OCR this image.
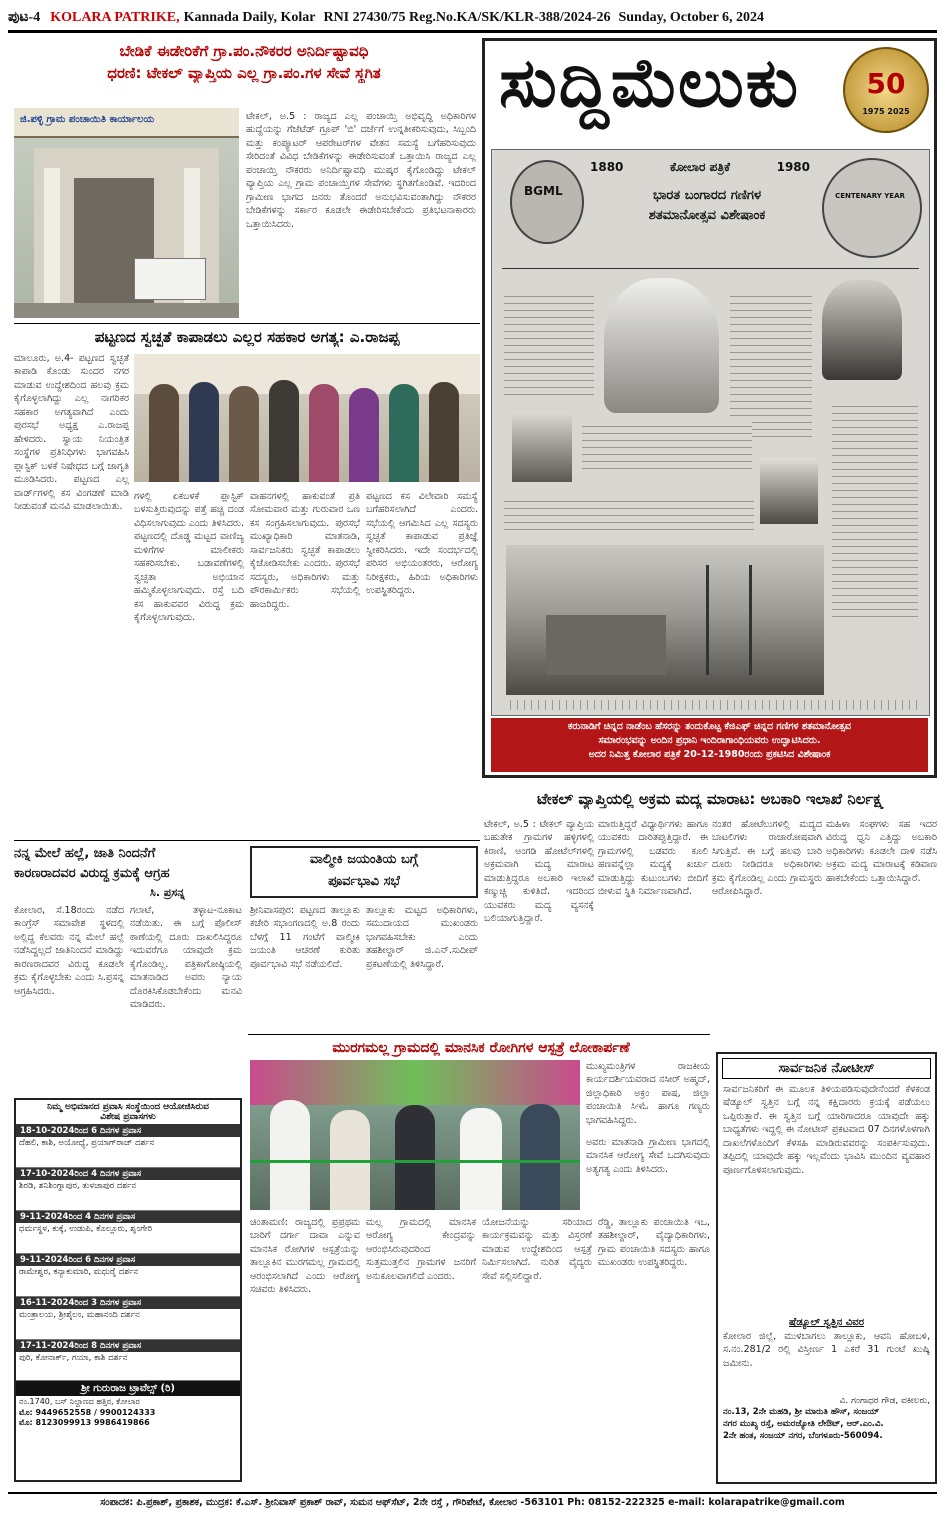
ಪುಟ-4 KOLARA PATRIKE, Kannada Daily, Kolar RNI 27430/75 Reg.No.KA/SK/KLR-388/2024-26 Sunday, October 6, 2024
ಬೇಡಿಕೆ ಈಡೇರಿಕೆಗೆ ಗ್ರಾ.ಪಂ.ನೌಕರರ ಅನಿರ್ದಿಷ್ಟಾವಧಿ
ಧರಣಿ: ಟೇಕಲ್ ವ್ಯಾಪ್ತಿಯ ಎಲ್ಲ ಗ್ರಾ.ಪಂ.ಗಳ ಸೇವೆ ಸ್ಥಗಿತ
ಜಿ.ಪಳ್ಳಿ ಗ್ರಾಮ ಪಂಚಾಯಿತಿ ಕಾರ್ಯಾಲಯ	ಟೇಕಲ್, ಅ.5 : ರಾಜ್ಯದ ಎಲ್ಲ ಪಂಚಾಯ್ತಿ ಅಭಿವೃದ್ಧಿ ಅಧಿಕಾರಿಗಳ ಹುದ್ದೆಯನ್ನು ಗೆಜೆಟೆಡ್ ಗ್ರೂಪ್ 'ಬಿ' ದರ್ಜೆಗೆ ಉನ್ನತೀಕರಿಸುವುದು, ಸಿಬ್ಬಂದಿ ಮತ್ತು ಕಂಪ್ಯೂಟರ್ ಆಪರೇಟರ್‌ಗಳ ವೇತನ ಸಮಸ್ಯೆ ಬಗೆಹರಿಸುವುದು ಸೇರಿದಂತೆ ವಿವಿಧ ಬೇಡಿಕೆಗಳನ್ನು ಈಡೇರಿಸುವಂತೆ ಒತ್ತಾಯಿಸಿ ರಾಜ್ಯದ ಎಲ್ಲ ಪಂಚಾಯ್ತಿ ನೌಕರರು ಅನಿರ್ದಿಷ್ಟಾವಧಿ ಮುಷ್ಕರ ಕೈಗೊಂಡಿದ್ದು ಟೇಕಲ್ ವ್ಯಾಪ್ತಿಯ ಎಲ್ಲ ಗ್ರಾಮ ಪಂಚಾಯ್ತಿಗಳ ಸೇವೆಗಳು ಸ್ಥಗಿತಗೊಂಡಿವೆ. ಇದರಿಂದ ಗ್ರಾಮೀಣ ಭಾಗದ ಜನರು ತೊಂದರೆ ಅನುಭವಿಸುವಂತಾಗಿದ್ದು ನೌಕರರ ಬೇಡಿಕೆಗಳನ್ನು ಸರ್ಕಾರ ಕೂಡಲೇ ಈಡೇರಿಸಬೇಕೆಂದು ಪ್ರತಿಭಟನಾಕಾರರು ಒತ್ತಾಯಿಸಿದರು.
ಪಟ್ಟಣದ ಸ್ವಚ್ಛತೆ ಕಾಪಾಡಲು ಎಲ್ಲರ ಸಹಕಾರ ಅಗತ್ಯ: ಎ.ರಾಜಪ್ಪ
ಮಾಲೂರು, ಅ.4- ಪಟ್ಟಣದ ಸ್ವಚ್ಛತೆ ಕಾಪಾಡಿ ಕೊಂಡು ಸುಂದರ ನಗರ ಮಾಡುವ ಉದ್ದೇಶದಿಂದ ಹಲವು ಕ್ರಮ ಕೈಗೊಳ್ಳಲಾಗಿದ್ದು ಎಲ್ಲ ನಾಗರಿಕರ ಸಹಕಾರ ಅಗತ್ಯವಾಗಿದೆ ಎಂದು ಪುರಸಭೆ ಅಧ್ಯಕ್ಷ ಎ.ರಾಜಪ್ಪ ಹೇಳಿದರು. ಸ್ವಾಯ ನಿಯಂತ್ರಿತ ಸಂಸ್ಥೆಗಳ ಪ್ರತಿನಿಧಿಗಳು ಭಾಗವಹಿಸಿ ಪ್ಲಾಸ್ಟಿಕ್ ಬಳಕೆ ನಿಷೇಧದ ಬಗ್ಗೆ ಜಾಗೃತಿ ಮೂಡಿಸಿದರು. ಪಟ್ಟಣದ ಎಲ್ಲ ವಾರ್ಡ್‌ಗಳಲ್ಲಿ ಕಸ ವಿಂಗಡಣೆ ಮಾಡಿ ನೀಡುವಂತೆ ಮನವಿ ಮಾಡಲಾಯಿತು.
ಗಳಲ್ಲಿ ಏಕಬಳಕೆ ಪ್ಲಾಸ್ಟಿಕ್ ಬಳಸುತ್ತಿರುವುದನ್ನು ಪತ್ತೆ ಹಚ್ಚಿ ದಂಡ ವಿಧಿಸಲಾಗುವುದು ಎಂದು ತಿಳಿಸಿದರು. ಪಟ್ಟಣದಲ್ಲಿ ದೊಡ್ಡ ಮಟ್ಟದ ವಾಣಿಜ್ಯ ಮಳಿಗೆಗಳ ಮಾಲೀಕರು ಸಹಕರಿಸಬೇಕು. ಬಡಾವಣೆಗಳಲ್ಲಿ ಸ್ವಚ್ಛತಾ ಅಭಿಯಾನ ಹಮ್ಮಿಕೊಳ್ಳಲಾಗುವುದು. ರಸ್ತೆ ಬದಿ ಕಸ ಹಾಕುವವರ ವಿರುದ್ಧ ಕ್ರಮ ಕೈಗೊಳ್ಳಲಾಗುವುದು.
ವಾಹನಗಳಲ್ಲಿ ಹಾಕುವಂತೆ ಪ್ರತಿ ಸೋಮವಾರ ಮತ್ತು ಗುರುವಾರ ಒಣ ಕಸ ಸಂಗ್ರಹಿಸಲಾಗುವುದು. ಪುರಸಭೆ ಮುಖ್ಯಾಧಿಕಾರಿ ಮಾತನಾಡಿ, ಸಾರ್ವಜನಿಕರು ಸ್ವಚ್ಛತೆ ಕಾಪಾಡಲು ಕೈಜೋಡಿಸಬೇಕು ಎಂದರು. ಪುರಸಭೆ ಸದಸ್ಯರು, ಅಧಿಕಾರಿಗಳು ಮತ್ತು ಪೌರಕಾರ್ಮಿಕರು ಸಭೆಯಲ್ಲಿ ಹಾಜರಿದ್ದರು.
ಪಟ್ಟಣದ ಕಸ ವಿಲೇವಾರಿ ಸಮಸ್ಯೆ ಬಗೆಹರಿಸಲಾಗಿದೆ ಎಂದರು. ಸಭೆಯಲ್ಲಿ ಆಗಮಿಸಿದ ಎಲ್ಲ ಸದಸ್ಯರು ಸ್ವಚ್ಛತೆ ಕಾಪಾಡುವ ಪ್ರತಿಜ್ಞೆ ಸ್ವೀಕರಿಸಿದರು. ಇದೇ ಸಂದರ್ಭದಲ್ಲಿ ಪರಿಸರ ಅಭಿಯಂತರರು, ಆರೋಗ್ಯ ನಿರೀಕ್ಷಕರು, ಹಿರಿಯ ಅಧಿಕಾರಿಗಳು ಉಪಸ್ಥಿತರಿದ್ದರು.
ಸುದ್ದಿಮೆಲುಕು	50
1975 2025
BGML
1880	ಕೋಲಾರ ಪತ್ರಿಕೆ	1980
ಭಾರತ ಬಂಗಾರದ ಗಣಿಗಳ
ಶತಮಾನೋತ್ಸವ ವಿಶೇಷಾಂಕ
CENTENARY YEAR
ಕರುನಾಡಿಗೆ ಚಿನ್ನದ ನಾಡೆಂಬ ಹೆಸರನ್ನು ತಂದುಕೊಟ್ಟ ಕೆಜಿಎಫ್ ಚಿನ್ನದ ಗಣಿಗಳ ಶತಮಾನೋತ್ಸವ
ಸಮಾರಂಭವನ್ನು ಅಂದಿನ ಪ್ರಧಾನಿ ಇಂದಿರಾಗಾಂಧಿಯವರು ಉದ್ಘಾಟಿಸಿದರು.
ಅದರ ನಿಮಿತ್ತ ಕೋಲಾರ ಪತ್ರಿಕೆ 20-12-1980ರಂದು ಪ್ರಕಟಿಸಿದ ವಿಶೇಷಾಂಕ
ಟೇಕಲ್ ವ್ಯಾಪ್ತಿಯಲ್ಲಿ ಅಕ್ರಮ ಮದ್ಯ ಮಾರಾಟ: ಅಬಕಾರಿ ಇಲಾಖೆ ನಿರ್ಲಕ್ಷ್ಯ
ಟೇಕಲ್, ಅ.5 : ಟೇಕಲ್ ವ್ಯಾಪ್ತಿಯ ಬಹುತೇಕ ಗ್ರಾಮಗಳ ಹಳ್ಳಿಗಳಲ್ಲಿ ಕಿರಾಣಿ, ಅಂಗಡಿ ಹೋಟೆಲ್‌ಗಳಲ್ಲಿ ಅಕ್ರಮವಾಗಿ ಮದ್ಯ ಮಾರಾಟ ಮಾಡುತ್ತಿದ್ದರೂ ಅಬಕಾರಿ ಇಲಾಖೆ ಕಣ್ಮುಚ್ಚಿ ಕುಳಿತಿದೆ. ಇದರಿಂದ ಯುವಕರು ಮದ್ಯ ವ್ಯಸನಕ್ಕೆ ಬಲಿಯಾಗುತ್ತಿದ್ದಾರೆ.
ಮಾರುತ್ತಿದ್ದರೆ ವಿಧ್ಯಾರ್ಥಿಗಳು ಹಾಗೂ ಯುವಕರು ದಾರಿತಪ್ಪುತ್ತಿದ್ದಾರೆ. ಈ ಗ್ರಾಮಗಳಲ್ಲಿ ಬಡವರು ಕೂಲಿ ಹಣವನ್ನೆಲ್ಲಾ ಮದ್ಯಕ್ಕೆ ಖರ್ಚು ಮಾಡುತ್ತಿದ್ದು ಕುಟುಂಬಗಳು ಬೀದಿಗೆ ಬೀಳುವ ಸ್ಥಿತಿ ನಿರ್ಮಾಣವಾಗಿದೆ.
ನಂತರ ಹೋಟೆಲುಗಳಲ್ಲಿ ಮದ್ಯದ ಬಾಟಲಿಗಳು ರಾಜಾರೋಷವಾಗಿ ಸಿಗುತ್ತಿವೆ. ಈ ಬಗ್ಗೆ ಹಲವು ಬಾರಿ ದೂರು ನೀಡಿದರೂ ಅಧಿಕಾರಿಗಳು ಕ್ರಮ ಕೈಗೊಂಡಿಲ್ಲ ಎಂದು ಗ್ರಾಮಸ್ಥರು ಆರೋಪಿಸಿದ್ದಾರೆ.
ಮಹಿಳಾ ಸಂಘಗಳು ಸಹ ಇದರ ವಿರುದ್ಧ ಧ್ವನಿ ಎತ್ತಿದ್ದು ಅಬಕಾರಿ ಅಧಿಕಾರಿಗಳು ಕೂಡಲೇ ದಾಳಿ ನಡೆಸಿ ಅಕ್ರಮ ಮದ್ಯ ಮಾರಾಟಕ್ಕೆ ಕಡಿವಾಣ ಹಾಕಬೇಕೆಂದು ಒತ್ತಾಯಿಸಿದ್ದಾರೆ.
ನನ್ನ ಮೇಲೆ ಹಲ್ಲೆ, ಜಾತಿ ನಿಂದನೆಗೆ
ಕಾರಣರಾದವರ ವಿರುದ್ಧ ಕ್ರಮಕ್ಕೆ ಆಗ್ರಹ
ಸಿ. ಪ್ರಸನ್ನ
ಕೋಲಾರ, ಸೆ.18ರಂದು ನಡೆದ ಕಾಂಗ್ರೆಸ್ ಸಮಾವೇಶ ಸ್ಥಳದಲ್ಲಿ ಅಲ್ಲಿದ್ದ ಕೆಲವರು ನನ್ನ ಮೇಲೆ ಹಲ್ಲೆ ನಡೆಸಿದ್ದಲ್ಲದೆ ಜಾತಿನಿಂದನೆ ಮಾಡಿದ್ದು ಕಾರಣರಾದವರ ವಿರುದ್ಧ ಕೂಡಲೇ ಕ್ರಮ ಕೈಗೊಳ್ಳಬೇಕು ಎಂದು ಸಿ.ಪ್ರಸನ್ನ ಆಗ್ರಹಿಸಿದರು.
ಗಲಾಟೆ, ತಳ್ಳಾಟ-ನೂಕಾಟ ನಡೆಯಿತು. ಈ ಬಗ್ಗೆ ಪೊಲೀಸ್ ಠಾಣೆಯಲ್ಲಿ ದೂರು ದಾಖಲಿಸಿದ್ದರೂ ಇದುವರೆಗೂ ಯಾವುದೇ ಕ್ರಮ ಕೈಗೊಂಡಿಲ್ಲ. ಪತ್ರಿಕಾಗೋಷ್ಠಿಯಲ್ಲಿ ಮಾತನಾಡಿದ ಅವರು ನ್ಯಾಯ ದೊರಕಿಸಿಕೊಡಬೇಕೆಂದು ಮನವಿ ಮಾಡಿದರು.
ವಾಲ್ಮೀಕಿ ಜಯಂತಿಯ ಬಗ್ಗೆ
ಪೂರ್ವಭಾವಿ ಸಭೆ
ಶ್ರೀನಿವಾಸಪುರ: ಪಟ್ಟಣದ ತಾಲ್ಲೂಕು ಕಚೇರಿ ಸಭಾಂಗಣದಲ್ಲಿ ಅ.8 ರಂದು ಬೆಳಗ್ಗೆ 11 ಗಂಟೆಗೆ ವಾಲ್ಮೀಕಿ ಜಯಂತಿ ಆಚರಣೆ ಕುರಿತು ಪೂರ್ವಭಾವಿ ಸಭೆ ನಡೆಯಲಿದೆ.
ತಾಲ್ಲೂಕು ಮಟ್ಟದ ಅಧಿಕಾರಿಗಳು, ಸಮುದಾಯದ ಮುಖಂಡರು ಭಾಗವಹಿಸಬೇಕು ಎಂದು ತಹಶೀಲ್ದಾರ್ ಜಿ.ಎನ್.ಸುದೀಪ್ ಪ್ರಕಟಣೆಯಲ್ಲಿ ತಿಳಿಸಿದ್ದಾರೆ.
ನಿಮ್ಮ ಅಭಿಮಾನದ ಪ್ರವಾಸಿ ಸಂಸ್ಥೆಯಿಂದ ಆಯೋಜಿಸಿರುವ
ವಿಶೇಷ ಪ್ರವಾಸಗಳು
18-10-2024ರಿಂದ 6 ದಿನಗಳ ಪ್ರವಾಸ
ದೆಹಲಿ, ಕಾಶಿ, ಅಯೋಧ್ಯೆ, ಪ್ರಯಾಗ್‌ರಾಜ್ ದರ್ಶನ
17-10-2024ರಿಂದ 4 ದಿನಗಳ ಪ್ರವಾಸ
ಶಿರಡಿ, ಶನಿಶಿಂಗ್ನಾಪುರ, ತುಳಜಾಪುರ ದರ್ಶನ
9-11-2024ರಿಂದ 4 ದಿನಗಳ ಪ್ರವಾಸ
ಧರ್ಮಸ್ಥಳ, ಕುಕ್ಕೆ, ಉಡುಪಿ, ಕೊಲ್ಲೂರು, ಶೃಂಗೇರಿ
9-11-2024ರಿಂದ 6 ದಿನಗಳ ಪ್ರವಾಸ
ರಾಮೇಶ್ವರ, ಕನ್ಯಾಕುಮಾರಿ, ಮಧುರೈ ದರ್ಶನ
16-11-2024ರಿಂದ 3 ದಿನಗಳ ಪ್ರವಾಸ
ಮಂತ್ರಾಲಯ, ಶ್ರೀಶೈಲಂ, ಮಹಾನಂದಿ ದರ್ಶನ
17-11-2024ರಿಂದ 8 ದಿನಗಳ ಪ್ರವಾಸ
ಪುರಿ, ಕೋನಾರ್ಕ್, ಗಯಾ, ಕಾಶಿ ದರ್ಶನ
ಶ್ರೀ ಗುರುರಾಜ ಟ್ರಾವೆಲ್ಸ್ (ರಿ)
ನಂ.1740, ಬಸ್ ನಿಲ್ದಾಣದ ಹತ್ತಿರ, ಕೋಲಾರ
ಮೊ: 9449652558 / 9900124333
ಮೊ: 8123099913 9986419866
ಮುರಗಮಲ್ಲ ಗ್ರಾಮದಲ್ಲಿ ಮಾನಸಿಕ ರೋಗಿಗಳ ಆಸ್ಪತ್ರೆ ಲೋಕಾರ್ಪಣೆ
ಮುಖ್ಯಮಂತ್ರಿಗಳ ರಾಜಕೀಯ ಕಾರ್ಯದರ್ಶಿಯವರಾದ ನಸೀರ್ ಅಹ್ಮದ್, ಜಿಲ್ಲಾಧಿಕಾರಿ ಅಕ್ರಂ ಪಾಷ, ಜಿಲ್ಲಾ ಪಂಚಾಯಿತಿ ಸಿಇಓ ಹಾಗೂ ಗಣ್ಯರು ಭಾಗವಹಿಸಿದ್ದರು.
ಅವರು ಮಾತನಾಡಿ ಗ್ರಾಮೀಣ ಭಾಗದಲ್ಲಿ ಮಾನಸಿಕ ಆರೋಗ್ಯ ಸೇವೆ ಒದಗಿಸುವುದು ಅತ್ಯಗತ್ಯ ಎಂದು ತಿಳಿಸಿದರು.
ಚಿಂತಾಮಣಿ: ರಾಜ್ಯದಲ್ಲಿ ಪ್ರಪ್ರಥಮ ಬಾರಿಗೆ ದರ್ಗಾ ದಾವಾ ಎನ್ನುವ ಮಾನಸಿಕ ರೋಗಿಗಳ ಆಸ್ಪತ್ರೆಯನ್ನು ತಾಲ್ಲೂಕಿನ ಮುರಗಮಲ್ಲ ಗ್ರಾಮದಲ್ಲಿ ಆರಂಭಿಸಲಾಗಿದೆ ಎಂದು ಆರೋಗ್ಯ ಸಚಿವರು ತಿಳಿಸಿದರು.
ಮಲ್ಲ ಗ್ರಾಮದಲ್ಲಿ ಮಾನಸಿಕ ಆರೋಗ್ಯ ಕೇಂದ್ರವನ್ನು ಆರಂಭಿಸಿರುವುದರಿಂದ ಸುತ್ತಮುತ್ತಲಿನ ಗ್ರಾಮಗಳ ಜನರಿಗೆ ಅನುಕೂಲವಾಗಲಿದೆ ಎಂದರು.
ಯೋಜನೆಯನ್ನು ಸರಿಯಾದ ಕಾರ್ಯಕ್ರಮವನ್ನು ಮತ್ತು ವಿಸ್ತರಣೆ ಮಾಡುವ ಉದ್ದೇಶದಿಂದ ಆಸ್ಪತ್ರೆ ನಿರ್ಮಿಸಲಾಗಿದೆ. ನುರಿತ ವೈದ್ಯರು ಸೇವೆ ಸಲ್ಲಿಸಲಿದ್ದಾರೆ.
ರೆಡ್ಡಿ, ತಾಲ್ಲೂಕು ಪಂಚಾಯಿತಿ ಇಒ, ತಹಶೀಲ್ದಾರ್, ವೈದ್ಯಾಧಿಕಾರಿಗಳು, ಗ್ರಾಮ ಪಂಚಾಯಿತಿ ಸದಸ್ಯರು ಹಾಗೂ ಮುಖಂಡರು ಉಪಸ್ಥಿತರಿದ್ದರು.
ಸಾರ್ವಜನಿಕ ನೋಟೀಸ್
ಸಾರ್ವಜನಿಕರಿಗೆ ಈ ಮೂಲಕ ತಿಳಿಯಪಡಿಸುವುದೇನೆಂದರೆ ಕೆಳಕಂಡ ಷೆಡ್ಯೂಲ್ ಸ್ವತ್ತಿನ ಬಗ್ಗೆ ನನ್ನ ಕಕ್ಷಿದಾರರು ಕ್ರಯಕ್ಕೆ ಪಡೆಯಲು ಒಪ್ಪಿರುತ್ತಾರೆ. ಈ ಸ್ವತ್ತಿನ ಬಗ್ಗೆ ಯಾರಿಗಾದರೂ ಯಾವುದೇ ಹಕ್ಕು ಬಾಧ್ಯತೆಗಳು ಇದ್ದಲ್ಲಿ ಈ ನೋಟೀಸ್ ಪ್ರಕಟವಾದ 07 ದಿನಗಳೊಳಗಾಗಿ ದಾಖಲೆಗಳೊಂದಿಗೆ ಕೆಳಸಹಿ ಮಾಡಿರುವವರನ್ನು ಸಂಪರ್ಕಿಸುವುದು. ತಪ್ಪಿದಲ್ಲಿ ಯಾವುದೇ ಹಕ್ಕು ಇಲ್ಲವೆಂದು ಭಾವಿಸಿ ಮುಂದಿನ ವ್ಯವಹಾರ ಪೂರ್ಣಗೊಳಿಸಲಾಗುವುದು.
ಷೆಡ್ಯೂಲ್ ಸ್ವತ್ತಿನ ವಿವರ
ಕೋಲಾರ ಜಿಲ್ಲೆ, ಮುಳಬಾಗಲು ತಾಲ್ಲೂಕು, ಆವನಿ ಹೋಬಳಿ, ಸ.ನಂ.281/2 ರಲ್ಲಿ ವಿಸ್ತೀರ್ಣ 1 ಎಕರೆ 31 ಗುಂಟೆ ಖುಷ್ಕಿ ಜಮೀನು.
ವಿ. ಗಂಗಾಧರ ಗೌಡ, ವಕೀಲರು,
ನಂ.13, 2ನೇ ಮಹಡಿ, ಶ್ರೀ ಮಾರುತಿ ಹೌಸ್, ಸಂಜಯ್
ನಗರ ಮುಖ್ಯ ರಸ್ತೆ, ಅಮರಜ್ಯೋತಿ ಲೇಔಟ್, ಆರ್.ಎಂ.ವಿ.
2ನೇ ಹಂತ, ಸಂಜಯ್ ನಗರ, ಬೆಂಗಳೂರು-560094.
ಸಂಪಾದಕ: ಪಿ.ಪ್ರಕಾಶ್, ಪ್ರಕಾಶಕ, ಮುದ್ರಕ: ಕೆ.ಎಸ್. ಶ್ರೀನಿವಾಸ್ ಪ್ರಕಾಶ್ ರಾವ್, ಸುಮನ ಆಫ್‌ಸೆಟ್, 2ನೇ ರಸ್ತೆ , ಗೌರಿಪೇಟೆ, ಕೋಲಾರ -563101 Ph: 08152-222325 e-mail: kolarapatrike@gmail.com
